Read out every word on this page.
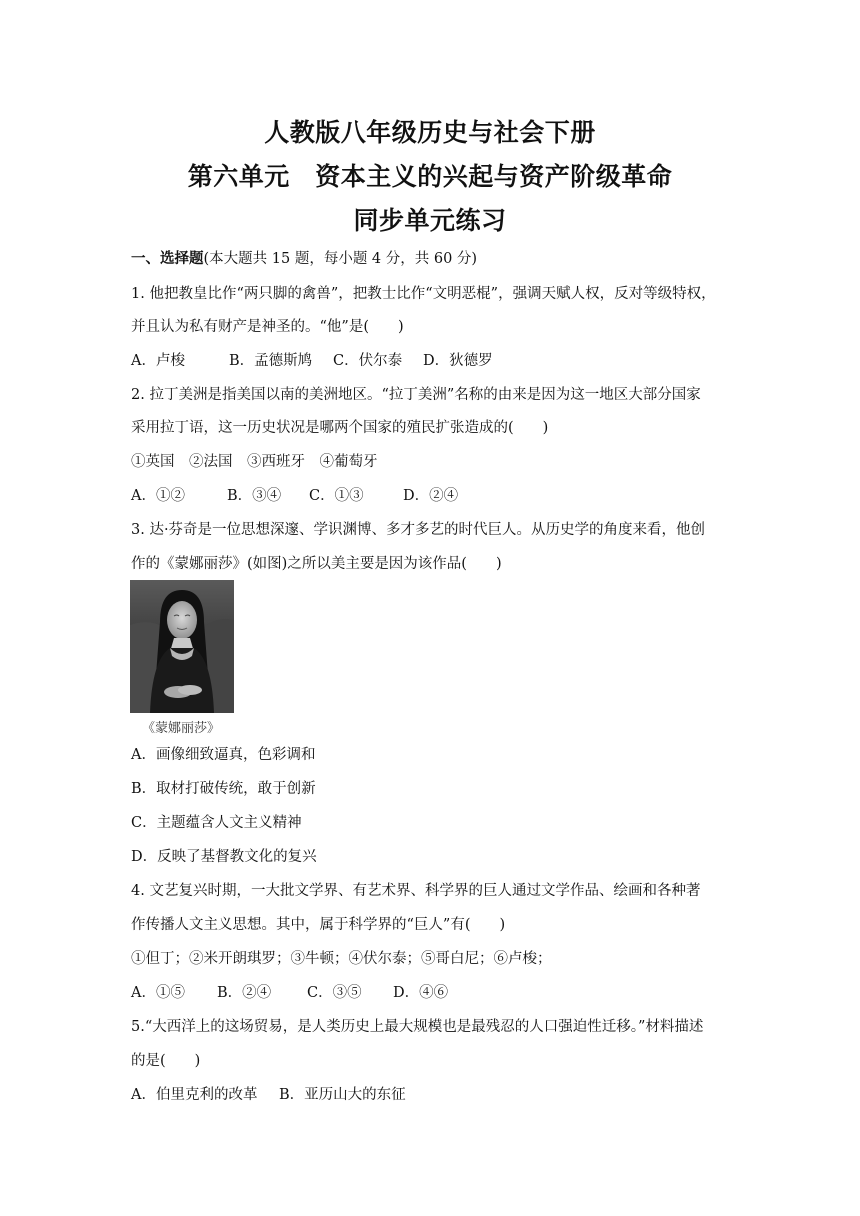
人教版八年级历史与社会下册
第六单元　资本主义的兴起与资产阶级革命
同步单元练习
一、选择题(本大题共 15 题，每小题 4 分，共 60 分)
1. 他把教皇比作“两只脚的禽兽”，把教士比作“文明恶棍”，强调天赋人权，反对等级特权，
并且认为私有财产是神圣的。“他”是(　　)
A．卢梭	B．孟德斯鸠 C．伏尔泰 D．狄德罗
2. 拉丁美洲是指美国以南的美洲地区。“拉丁美洲”名称的由来是因为这一地区大部分国家
采用拉丁语，这一历史状况是哪两个国家的殖民扩张造成的(　　)
①英国　②法国　③西班牙　④葡萄牙
A．①②	B．③④ C．①③	D．②④
3. 达·芬奇是一位思想深邃、学识渊博、多才多艺的时代巨人。从历史学的角度来看，他创
作的《蒙娜丽莎》(如图)之所以美主要是因为该作品(　　)
《蒙娜丽莎》
A．画像细致逼真，色彩调和
B．取材打破传统，敢于创新
C．主题蕴含人文主义精神
D．反映了基督教文化的复兴
4. 文艺复兴时期，一大批文学界、有艺术界、科学界的巨人通过文学作品、绘画和各种著
作传播人文主义思想。其中，属于科学界的“巨人”有(　　)
①但丁；②米开朗琪罗；③牛顿；④伏尔泰；⑤哥白尼；⑥卢梭；
A．①⑤ B．②④ C．③⑤ D．④⑥
5.“大西洋上的这场贸易，是人类历史上最大规模也是最残忍的人口强迫性迁移。”材料描述
的是(　　)
A．伯里克利的改革 B．亚历山大的东征
